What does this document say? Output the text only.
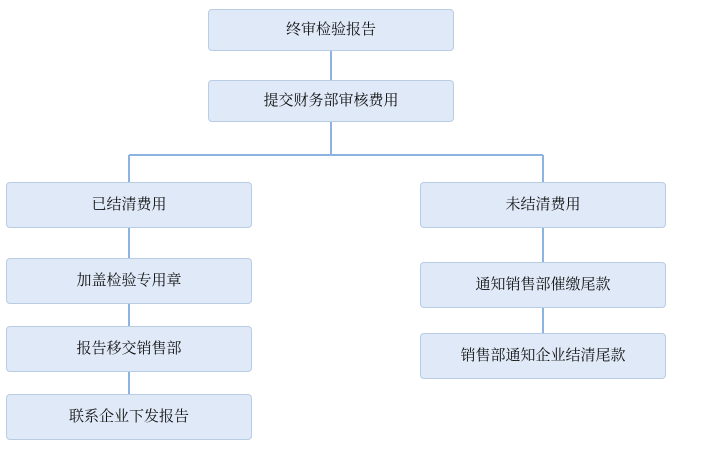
终审检验报告
提交财务部审核费用
已结清费用	未结清费用
加盖检验专用章	通知销售部催缴尾款
报告移交销售部	销售部通知企业结清尾款
联系企业下发报告
